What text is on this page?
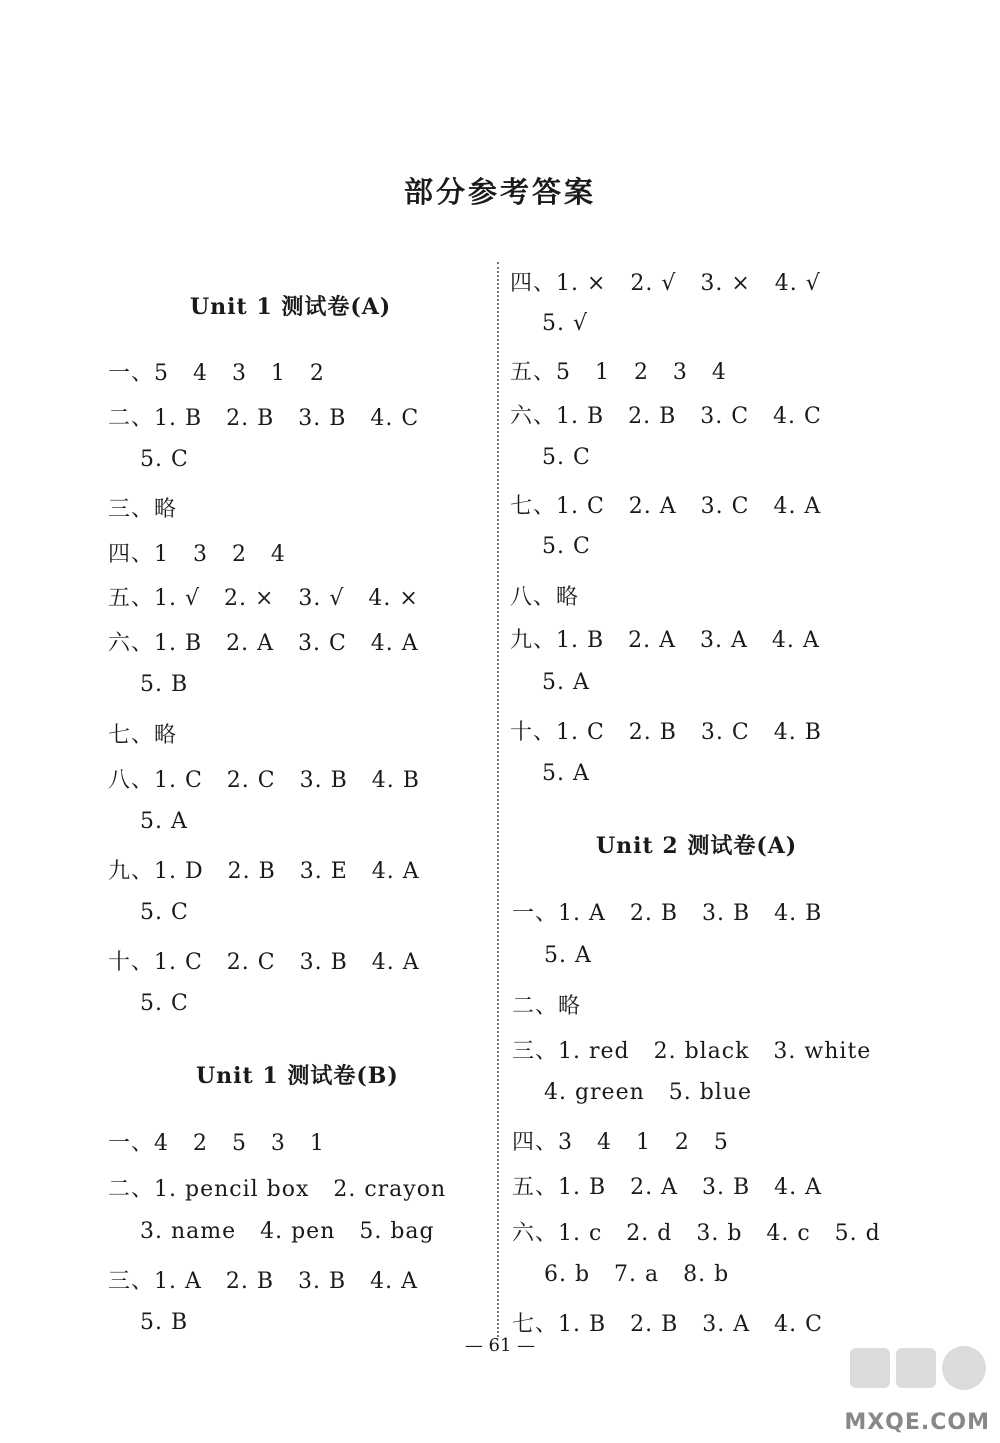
部分参考答案
Unit 1 测试卷(A)
一、5   4   3   1   2
二、1. B   2. B   3. B   4. C
5. C
三、略
四、1   3   2   4
五、1. √   2. ×   3. √   4. ×
六、1. B   2. A   3. C   4. A
5. B
七、略
八、1. C   2. C   3. B   4. B
5. A
九、1. D   2. B   3. E   4. A
5. C
十、1. C   2. C   3. B   4. A
5. C
Unit 1 测试卷(B)
一、4   2   5   3   1
二、1. pencil box   2. crayon
3. name   4. pen   5. bag
三、1. A   2. B   3. B   4. A
5. B
四、1. ×   2. √   3. ×   4. √
5. √
五、5   1   2   3   4
六、1. B   2. B   3. C   4. C
5. C
七、1. C   2. A   3. C   4. A
5. C
八、略
九、1. B   2. A   3. A   4. A
5. A
十、1. C   2. B   3. C   4. B
5. A
Unit 2 测试卷(A)
一、1. A   2. B   3. B   4. B
5. A
二、略
三、1. red   2. black   3. white
4. green   5. blue
四、3   4   1   2   5
五、1. B   2. A   3. B   4. A
六、1. c   2. d   3. b   4. c   5. d
6. b   7. a   8. b
七、1. B   2. B   3. A   4. C
— 61 —
MXQE.COM
